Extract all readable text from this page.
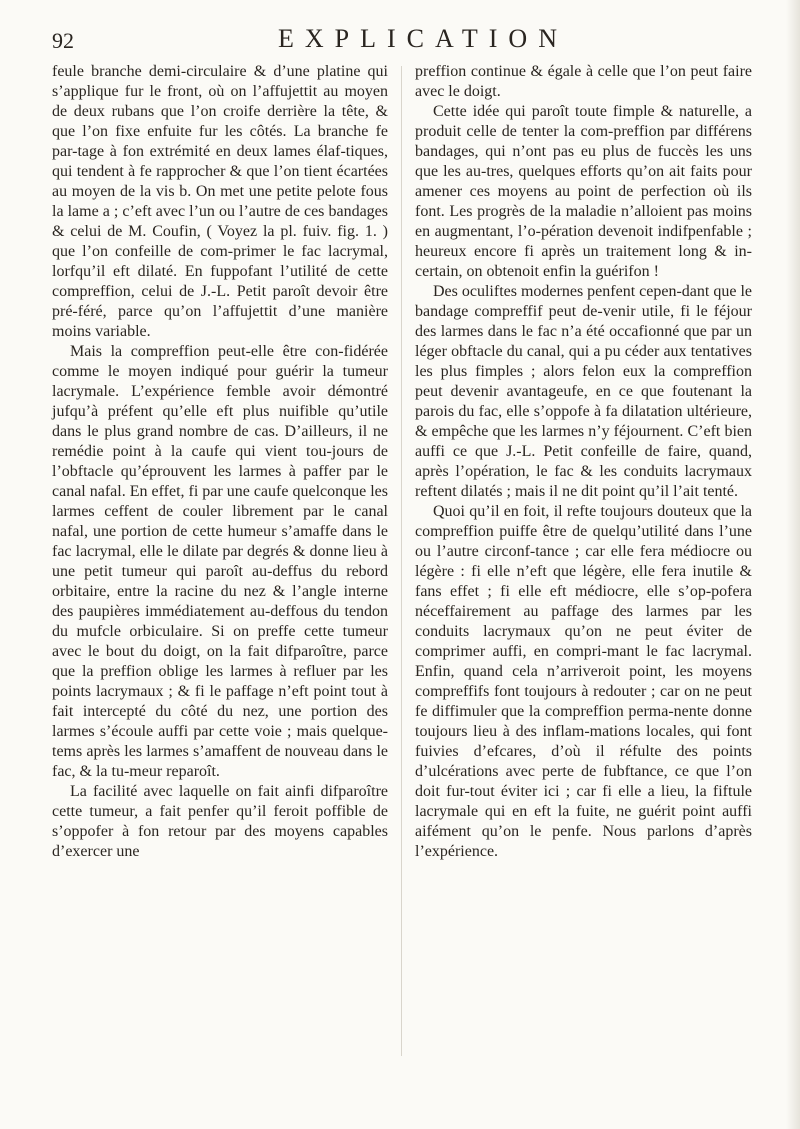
92	EXPLICATION

feule branche demi-circulaire & d’une platine qui s’applique fur le front, où on l’affujettit au moyen de deux rubans que l’on croife derrière la tête, & que l’on fixe enfuite fur les côtés. La branche fe par-tage à fon extrémité en deux lames élaf-tiques, qui tendent à fe rapprocher & que l’on tient écartées au moyen de la vis b. On met une petite pelote fous la lame a ; c’eft avec l’un ou l’autre de ces bandages & celui de M. Coufin, ( Voyez la pl. fuiv. fig. 1. ) que l’on confeille de com-primer le fac lacrymal, lorfqu’il eft dilaté. En fuppofant l’utilité de cette compreffion, celui de J.-L. Petit paroît devoir être pré-féré, parce qu’on l’affujettit d’une manière moins variable.

Mais la compreffion peut-elle être con-fidérée comme le moyen indiqué pour guérir la tumeur lacrymale. L’expérience femble avoir démontré jufqu’à préfent qu’elle eft plus nuifible qu’utile dans le plus grand nombre de cas. D’ailleurs, il ne remédie point à la caufe qui vient tou-jours de l’obftacle qu’éprouvent les larmes à paffer par le canal nafal. En effet, fi par une caufe quelconque les larmes ceffent de couler librement par le canal nafal, une portion de cette humeur s’amaffe dans le fac lacrymal, elle le dilate par degrés & donne lieu à une petit tumeur qui paroît au-deffus du rebord orbitaire, entre la racine du nez & l’angle interne des paupières immédiatement au-deffous du tendon du mufcle orbiculaire. Si on preffe cette tumeur avec le bout du doigt, on la fait difparoître, parce que la preffion oblige les larmes à refluer par les points lacrymaux ; & fi le paffage n’eft point tout à fait intercepté du côté du nez, une portion des larmes s’écoule auffi par cette voie ; mais quelque-tems après les larmes s’amaffent de nouveau dans le fac, & la tu-meur reparoît.

La facilité avec laquelle on fait ainfi difparoître cette tumeur, a fait penfer qu’il feroit poffible de s’oppofer à fon retour par des moyens capables d’exercer une

preffion continue & égale à celle que l’on peut faire avec le doigt.

Cette idée qui paroît toute fimple & naturelle, a produit celle de tenter la com-preffion par différens bandages, qui n’ont pas eu plus de fuccès les uns que les au-tres, quelques efforts qu’on ait faits pour amener ces moyens au point de perfection où ils font. Les progrès de la maladie n’alloient pas moins en augmentant, l’o-pération devenoit indifpenfable ; heureux encore fi après un traitement long & in-certain, on obtenoit enfin la guérifon !

Des oculiftes modernes penfent cepen-dant que le bandage compreffif peut de-venir utile, fi le féjour des larmes dans le fac n’a été occafionné que par un léger obftacle du canal, qui a pu céder aux tentatives les plus fimples ; alors felon eux la compreffion peut devenir avantageufe, en ce que foutenant la parois du fac, elle s’oppofe à fa dilatation ultérieure, & empêche que les larmes n’y féjournent. C’eft bien auffi ce que J.-L. Petit confeille de faire, quand, après l’opération, le fac & les conduits lacrymaux reftent dilatés ; mais il ne dit point qu’il l’ait tenté.

Quoi qu’il en foit, il refte toujours douteux que la compreffion puiffe être de quelqu’utilité dans l’une ou l’autre circonf-tance ; car elle fera médiocre ou légère : fi elle n’eft que légère, elle fera inutile & fans effet ; fi elle eft médiocre, elle s’op-pofera néceffairement au paffage des larmes par les conduits lacrymaux qu’on ne peut éviter de comprimer auffi, en compri-mant le fac lacrymal. Enfin, quand cela n’arriveroit point, les moyens compreffifs font toujours à redouter ; car on ne peut fe diffimuler que la compreffion perma-nente donne toujours lieu à des inflam-mations locales, qui font fuivies d’efcares, d’où il réfulte des points d’ulcérations avec perte de fubftance, ce que l’on doit fur-tout éviter ici ; car fi elle a lieu, la fiftule lacrymale qui en eft la fuite, ne guérit point auffi aifément qu’on le penfe. Nous parlons d’après l’expérience.
